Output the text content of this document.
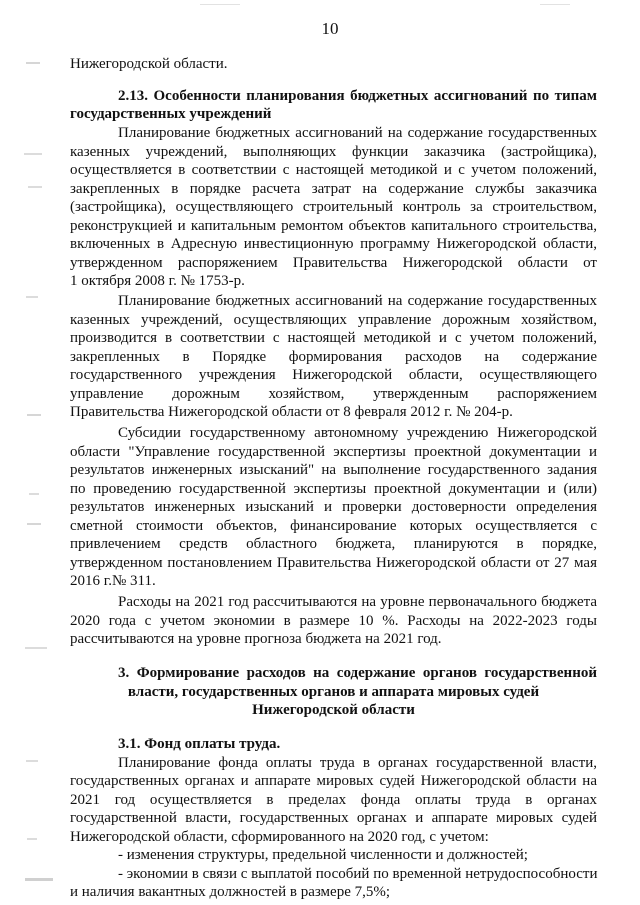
10
Нижегородской области.
2.13. Особенности планирования бюджетных ассигнований по типам
государственных учреждений
Планирование бюджетных ассигнований на содержание государственных
казенных учреждений, выполняющих функции заказчика (застройщика),
осуществляется в соответствии с настоящей методикой и с учетом положений,
закрепленных в порядке расчета затрат на содержание службы заказчика
(застройщика), осуществляющего строительный контроль за строительством,
реконструкцией и капитальным ремонтом объектов капитального строительства,
включенных в Адресную инвестиционную программу Нижегородской области,
утвержденном распоряжением Правительства Нижегородской области от
1 октября 2008 г. № 1753-р.
Планирование бюджетных ассигнований на содержание государственных
казенных учреждений, осуществляющих управление дорожным хозяйством,
производится в соответствии с настоящей методикой и с учетом положений,
закрепленных в Порядке формирования расходов на содержание
государственного учреждения Нижегородской области, осуществляющего
управление дорожным хозяйством, утвержденным распоряжением
Правительства Нижегородской области от 8 февраля 2012 г. № 204-р.
Субсидии государственному автономному учреждению Нижегородской
области "Управление государственной экспертизы проектной документации и
результатов инженерных изысканий" на выполнение государственного задания
по проведению государственной экспертизы проектной документации и (или)
результатов инженерных изысканий и проверки достоверности определения
сметной стоимости объектов, финансирование которых осуществляется с
привлечением средств областного бюджета, планируются в порядке,
утвержденном постановлением Правительства Нижегородской области от 27 мая
2016 г.№ 311.
Расходы на 2021 год рассчитываются на уровне первоначального бюджета
2020 года с учетом экономии в размере 10 %. Расходы на 2022-2023 годы
рассчитываются на уровне прогноза бюджета на 2021 год.
3. Формирование расходов на содержание органов государственной
власти, государственных органов и аппарата мировых судей
Нижегородской области
3.1. Фонд оплаты труда.
Планирование фонда оплаты труда в органах государственной власти,
государственных органах и аппарате мировых судей Нижегородской области на
2021 год осуществляется в пределах фонда оплаты труда в органах
государственной власти, государственных органах и аппарате мировых судей
Нижегородской области, сформированного на 2020 год, с учетом:
- изменения структуры, предельной численности и должностей;
- экономии в связи с выплатой пособий по временной нетрудоспособности
и наличия вакантных должностей в размере 7,5%;
